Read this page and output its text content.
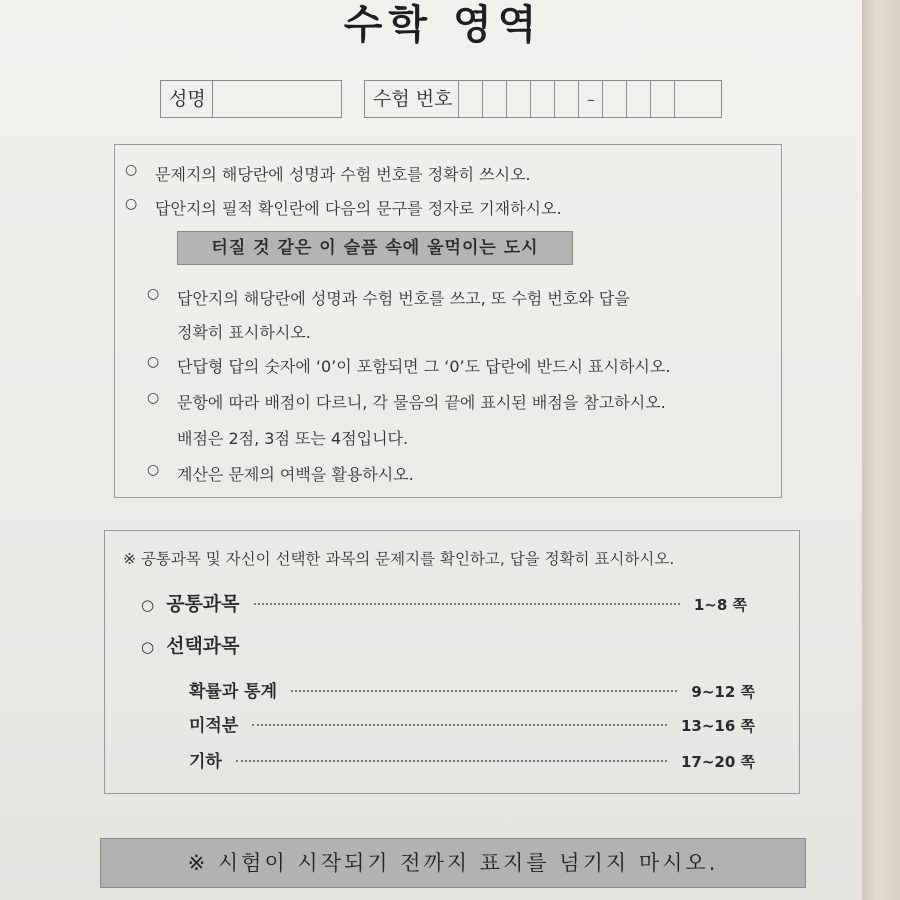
수학 영역
성명	수험 번호	–
○ 문제지의 해당란에 성명과 수험 번호를 정확히 쓰시오.
○ 답안지의 필적 확인란에 다음의 문구를 정자로 기재하시오.
터질 것 같은 이 슬픔 속에 울먹이는 도시
○ 답안지의 해당란에 성명과 수험 번호를 쓰고, 또 수험 번호와 답을
정확히 표시하시오.
○ 단답형 답의 숫자에 ‘0’이 포함되면 그 ‘0’도 답란에 반드시 표시하시오.
○ 문항에 따라 배점이 다르니, 각 물음의 끝에 표시된 배점을 참고하시오.
배점은 2점, 3점 또는 4점입니다.
○ 계산은 문제의 여백을 활용하시오.
※ 공통과목 및 자신이 선택한 과목의 문제지를 확인하고, 답을 정확히 표시하시오.
○ 공통과목	1~8 쪽
○ 선택과목
확률과 통계	9~12 쪽
미적분	13~16 쪽
기하	17~20 쪽
※ 시험이 시작되기 전까지 표지를 넘기지 마시오.
